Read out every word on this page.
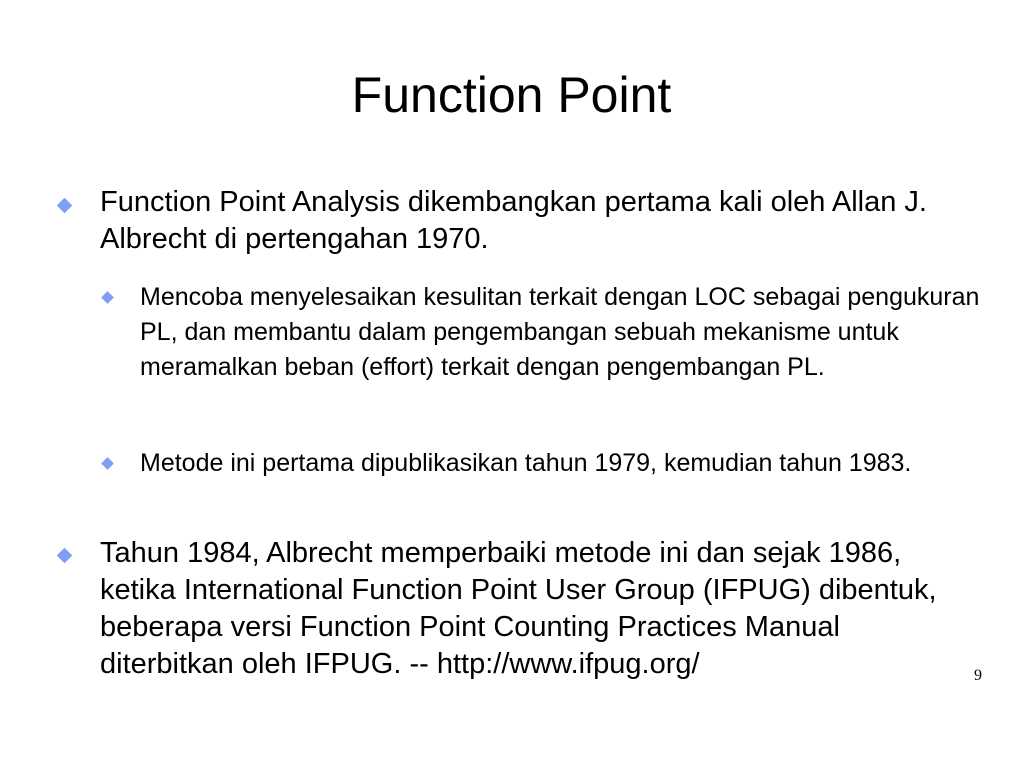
Function Point

Function Point Analysis dikembangkan pertama kali oleh Allan J. Albrecht di pertengahan 1970.

Mencoba menyelesaikan kesulitan terkait dengan LOC sebagai pengukuran PL, dan membantu dalam pengembangan sebuah mekanisme untuk meramalkan beban (effort) terkait dengan pengembangan PL.

Metode ini pertama dipublikasikan tahun 1979, kemudian tahun 1983.

Tahun 1984, Albrecht memperbaiki metode ini dan sejak 1986, ketika International Function Point User Group (IFPUG) dibentuk, beberapa versi Function Point Counting Practices Manual diterbitkan oleh IFPUG. -- http://www.ifpug.org/	9
